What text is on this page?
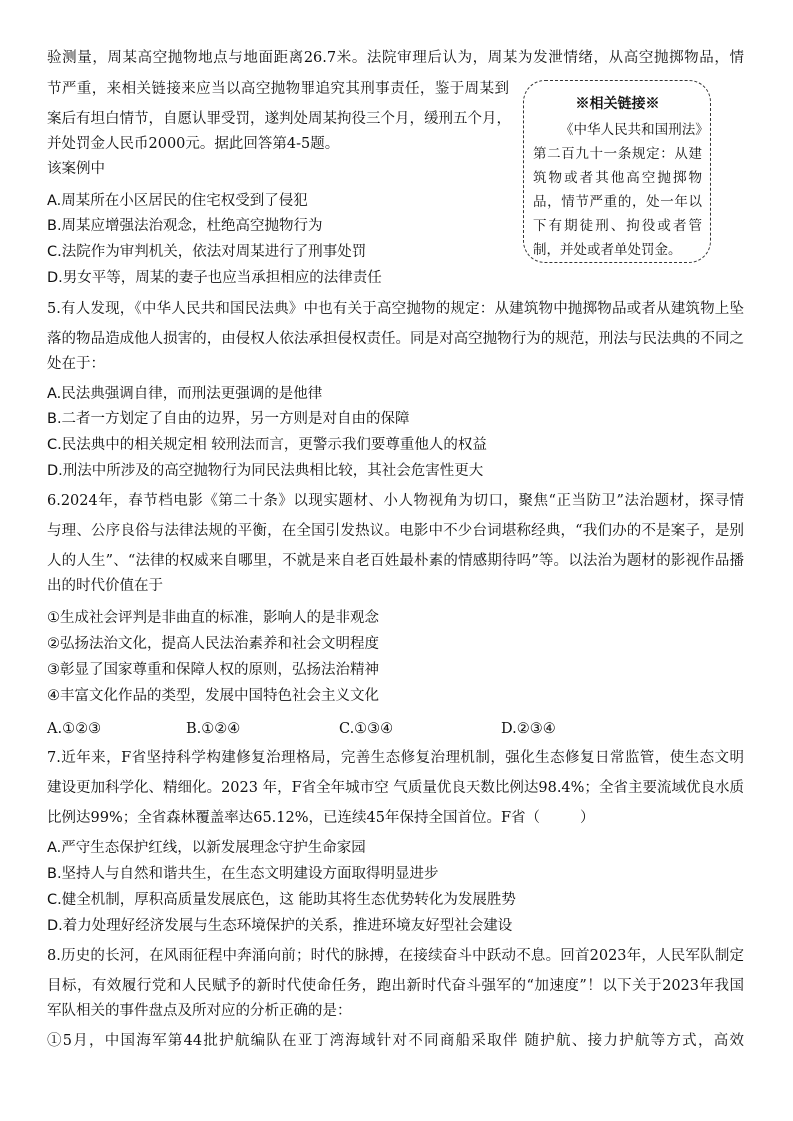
验测量，周某高空抛物地点与地面距离26.7米。法院审理后认为，周某为发泄情绪，从高空抛掷物品，情
节严重，来相关链接来应当以高空抛物罪追究其刑事责任，鉴于周某到
案后有坦白情节，自愿认罪受罚，遂判处周某拘役三个月，缓刑五个月，
并处罚金人民币2000元。据此回答第4-5题。
该案例中
A.周某所在小区居民的住宅权受到了侵犯
B.周某应增强法治观念，杜绝高空抛物行为
C.法院作为审判机关，依法对周某进行了刑事处罚
D.男女平等，周某的妻子也应当承担相应的法律责任
※相关链接※
《中华人民共和国刑法》第二百九十一条规定：从建筑物或者其他高空抛掷物品，情节严重的，处一年以下有期徒刑、拘役或者管制，并处或者单处罚金。
5.有人发现，《中华人民共和国民法典》中也有关于高空抛物的规定：从建筑物中抛掷物品或者从建筑物上坠
落的物品造成他人损害的，由侵权人依法承担侵权责任。同是对高空抛物行为的规范，刑法与民法典的不同之
处在于：
A.民法典强调自律，而刑法更强调的是他律
B.二者一方划定了自由的边界，另一方则是对自由的保障
C.民法典中的相关规定相 较刑法而言，更警示我们要尊重他人的权益
D.刑法中所涉及的高空抛物行为同民法典相比较，其社会危害性更大
6.2024年，春节档电影《第二十条》以现实题材、小人物视角为切口，聚焦“正当防卫”法治题材，探寻情
与理、公序良俗与法律法规的平衡，在全国引发热议。电影中不少台词堪称经典，“我们办的不是案子，是别
人的人生”、“法律的权威来自哪里，不就是来自老百姓最朴素的情感期待吗”等。以法治为题材的影视作品播
出的时代价值在于
①生成社会评判是非曲直的标准，影响人的是非观念
②弘扬法治文化，提高人民法治素养和社会文明程度
③彰显了国家尊重和保障人权的原则，弘扬法治精神
④丰富文化作品的类型，发展中国特色社会主义文化
A.①②③	B.①②④	C.①③④	D.②③④
7.近年来，F省坚持科学构建修复治理格局，完善生态修复治理机制，强化生态修复日常监管，使生态文明
建设更加科学化、精细化。2023 年，F省全年城市空 气质量优良天数比例达98.4%；全省主要流域优良水质
比例达99%；全省森林覆盖率达65.12%，已连续45年保持全国首位。F省（	）
A.严守生态保护红线，以新发展理念守护生命家园
B.坚持人与自然和谐共生，在生态文明建设方面取得明显进步
C.健全机制，厚积高质量发展底色，这 能助其将生态优势转化为发展胜势
D.着力处理好经济发展与生态环境保护的关系，推进环境友好型社会建设
8.历史的长河，在风雨征程中奔涌向前；时代的脉搏，在接续奋斗中跃动不息。回首2023年，人民军队制定
目标，有效履行党和人民赋予的新时代使命任务，跑出新时代奋斗强军的“加速度”！以下关于2023年我国
军队相关的事件盘点及所对应的分析正确的是：
①5月，中国海军第44批护航编队在亚丁湾海域针对不同商船采取伴 随护航、接力护航等方式，高效
